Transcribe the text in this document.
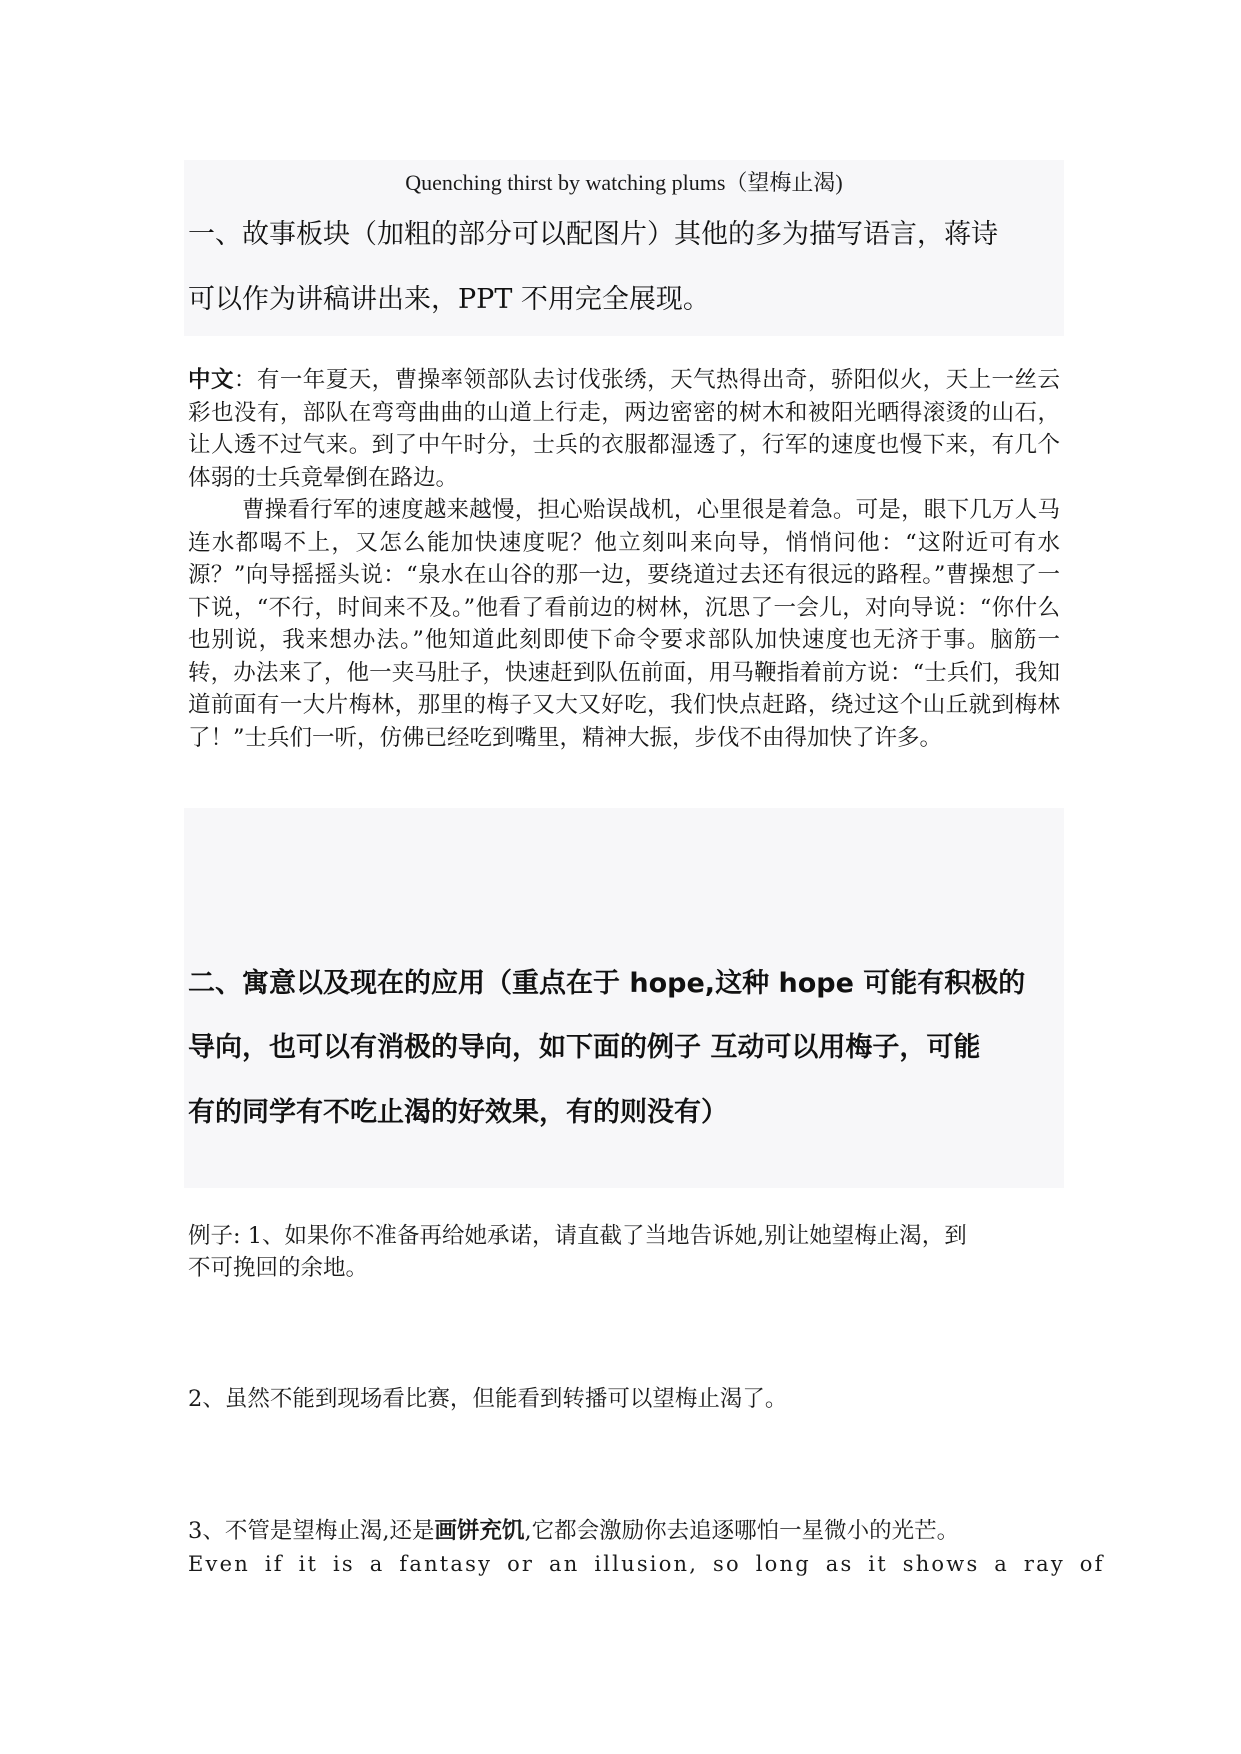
Quenching thirst by watching plums（望梅止渴)
一、故事板块（加粗的部分可以配图片）其他的多为描写语言，蒋诗
可以作为讲稿讲出来，PPT 不用完全展现。
中文：有一年夏天，曹操率领部队去讨伐张绣，天气热得出奇，骄阳似火，天上一丝云彩也没有，部队在弯弯曲曲的山道上行走，两边密密的树木和被阳光晒得滚烫的山石，让人透不过气来。到了中午时分，士兵的衣服都湿透了，行军的速度也慢下来，有几个体弱的士兵竟晕倒在路边。
曹操看行军的速度越来越慢，担心贻误战机，心里很是着急。可是，眼下几万人马连水都喝不上，又怎么能加快速度呢？他立刻叫来向导，悄悄问他：“这附近可有水源？”向导摇摇头说：“泉水在山谷的那一边，要绕道过去还有很远的路程。”曹操想了一下说，“不行，时间来不及。”他看了看前边的树林，沉思了一会儿，对向导说：“你什么也别说，我来想办法。”他知道此刻即使下命令要求部队加快速度也无济于事。脑筋一转，办法来了，他一夹马肚子，快速赶到队伍前面，用马鞭指着前方说：“士兵们，我知道前面有一大片梅林，那里的梅子又大又好吃，我们快点赶路，绕过这个山丘就到梅林了！”士兵们一听，仿佛已经吃到嘴里，精神大振，步伐不由得加快了许多。
二、寓意以及现在的应用（重点在于 hope,这种 hope 可能有积极的
导向，也可以有消极的导向，如下面的例子 互动可以用梅子，可能
有的同学有不吃止渴的好效果，有的则没有）
例子: 1、如果你不准备再给她承诺，请直截了当地告诉她,别让她望梅止渴，到
不可挽回的余地。
2、虽然不能到现场看比赛，但能看到转播可以望梅止渴了。
3、不管是望梅止渴,还是画饼充饥,它都会激励你去追逐哪怕一星微小的光芒。
Even if it is a fantasy or an illusion, so long as it shows a ray of
